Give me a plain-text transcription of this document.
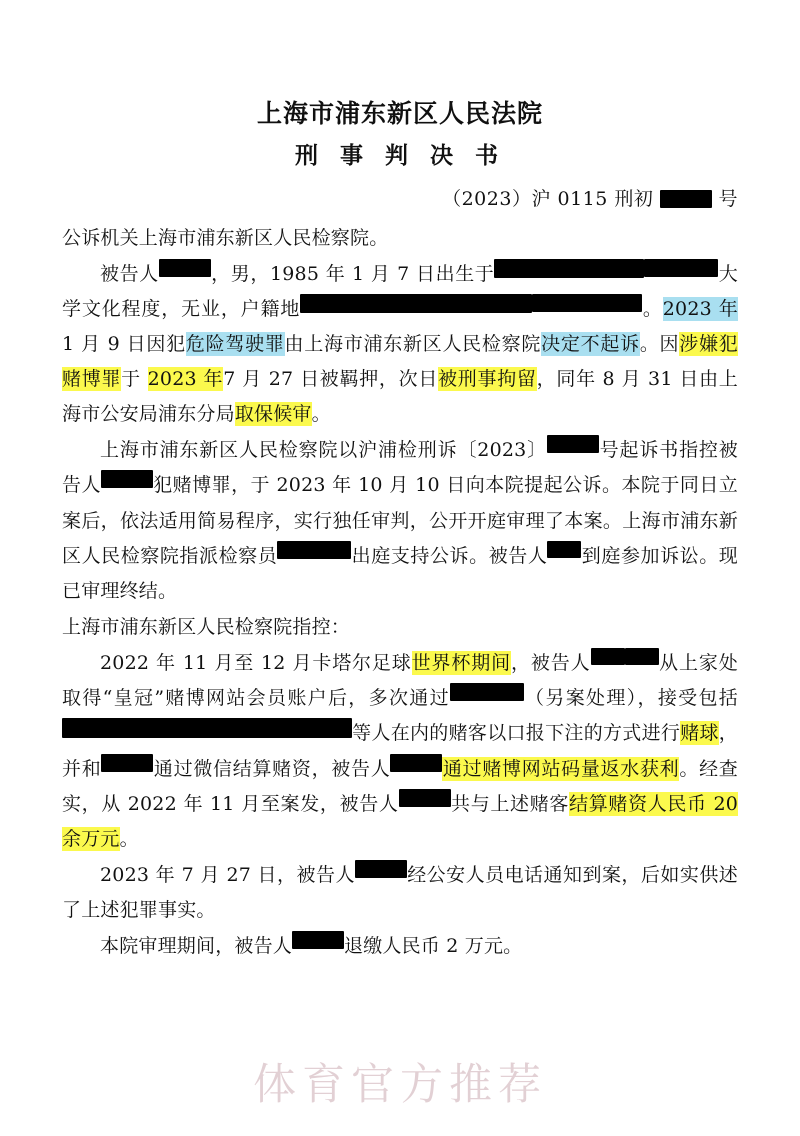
上海市浦东新区人民法院
刑 事 判 决 书

（2023）沪 0115 刑初	号

公诉机关上海市浦东新区人民检察院。

被告人	，男，1985 年 1 月 7 日出生于	大学文化程度，无业，户籍地	。2023 年1 月 9 日因犯危险驾驶罪由上海市浦东新区人民检察院决定不起诉。因涉嫌犯赌博罪于 2023 年7 月 27 日被羁押，次日被刑事拘留，同年 8 月 31 日由上海市公安局浦东分局取保候审。

上海市浦东新区人民检察院以沪浦检刑诉〔2023〕	号起诉书指控被告人	犯赌博罪，于 2023 年 10 月 10 日向本院提起公诉。本院于同日立案后，依法适用简易程序，实行独任审判，公开开庭审理了本案。上海市浦东新区人民检察院指派检察员	出庭支持公诉。被告人 到庭参加诉讼。现已审理终结。

上海市浦东新区人民检察院指控：

2022 年 11 月至 12 月卡塔尔足球世界杯期间，被告人	从上家处取得“皇冠”赌博网站会员账户后，多次通过	（另案处理），接受包括 等人在内的赌客以口报下注的方式进行赌球，并和	通过微信结算赌资，被告人	通过赌博网站码量返水获利。经查实，从 2022 年 11 月至案发，被告人	共与上述赌客结算赌资人民币 20 余万元。

2023 年 7 月 27 日，被告人	经公安人员电话通知到案，后如实供述了上述犯罪事实。

本院审理期间，被告人	退缴人民币 2 万元。

体育官方推荐
